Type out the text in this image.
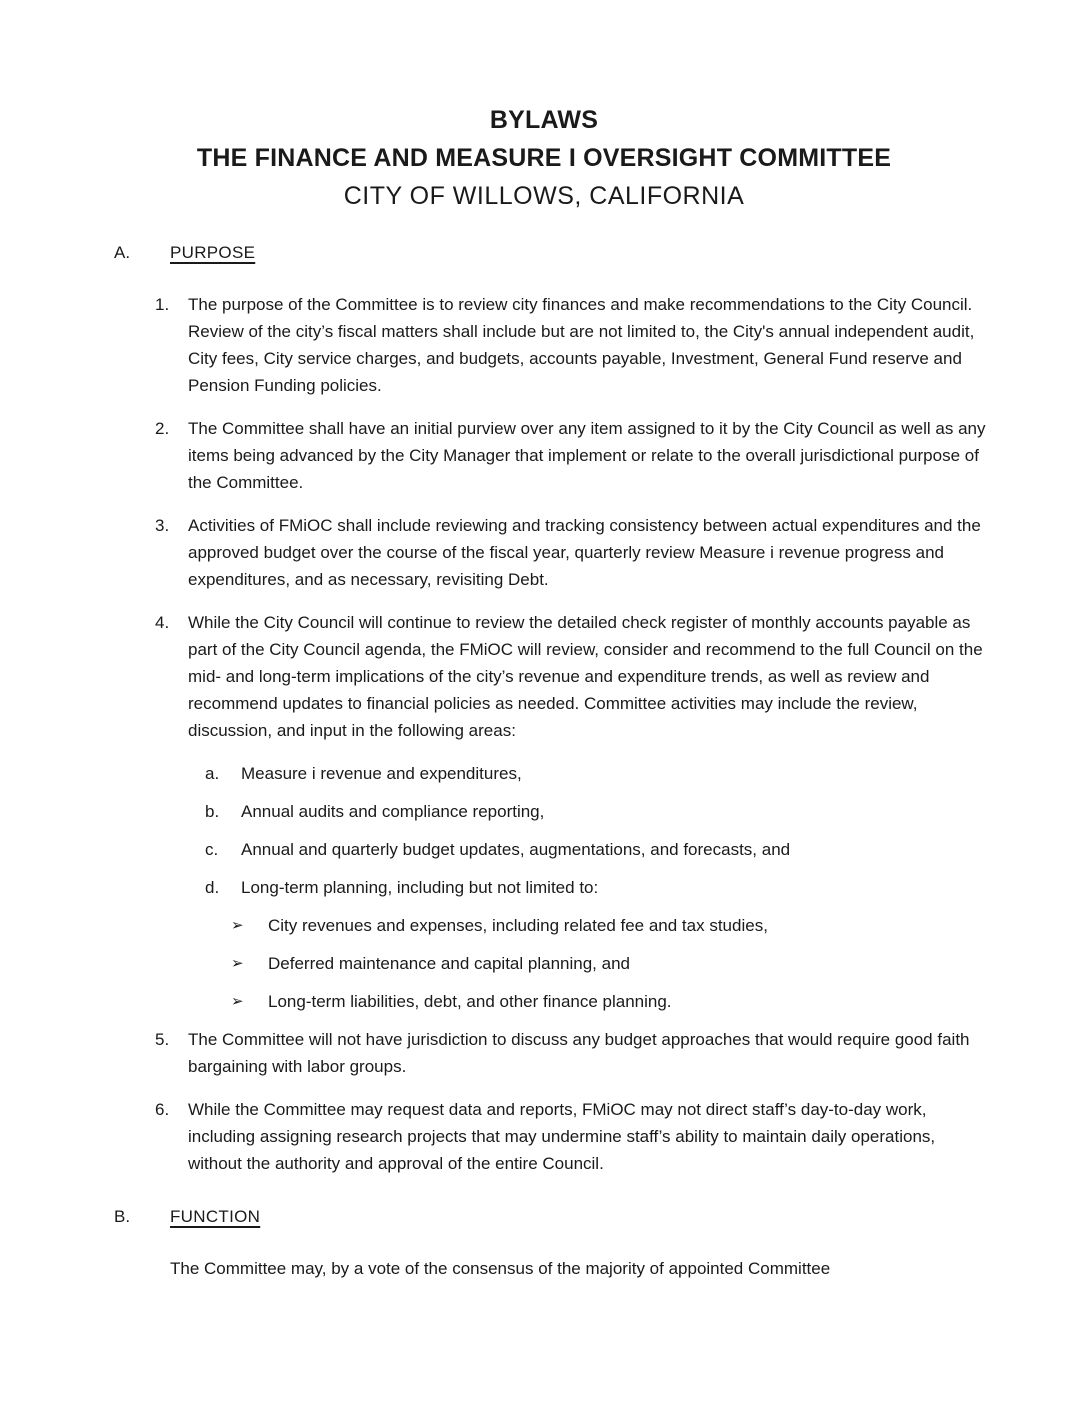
BYLAWS
THE FINANCE AND MEASURE I OVERSIGHT COMMITTEE
CITY OF WILLOWS, CALIFORNIA
A.	PURPOSE
1.	The purpose of the Committee is to review city finances and make recommendations to the City Council. Review of the city’s fiscal matters shall include but are not limited to, the City's annual independent audit, City fees, City service charges, and budgets, accounts payable, Investment, General Fund reserve and Pension Funding policies.
2.	The Committee shall have an initial purview over any item assigned to it by the City Council as well as any items being advanced by the City Manager that implement or relate to the overall jurisdictional purpose of the Committee.
3.	Activities of FMiOC shall include reviewing and tracking consistency between actual expenditures and the approved budget over the course of the fiscal year, quarterly review Measure i revenue progress and expenditures, and as necessary, revisiting Debt.
4.	While the City Council will continue to review the detailed check register of monthly accounts payable as part of the City Council agenda, the FMiOC will review, consider and recommend to the full Council on the mid- and long-term implications of the city’s revenue and expenditure trends, as well as review and recommend updates to financial policies as needed. Committee activities may include the review, discussion, and input in the following areas:
a.	Measure i revenue and expenditures,
b.	Annual audits and compliance reporting,
c.	Annual and quarterly budget updates, augmentations, and forecasts, and
d.	Long-term planning, including but not limited to:
➢	City revenues and expenses, including related fee and tax studies,
➢	Deferred maintenance and capital planning, and
➢	Long-term liabilities, debt, and other finance planning.
5.	The Committee will not have jurisdiction to discuss any budget approaches that would require good faith bargaining with labor groups.
6.	While the Committee may request data and reports, FMiOC may not direct staff’s day-to-day work, including assigning research projects that may undermine staff’s ability to maintain daily operations, without the authority and approval of the entire Council.
B.	FUNCTION
The Committee may, by a vote of the consensus of the majority of appointed Committee
